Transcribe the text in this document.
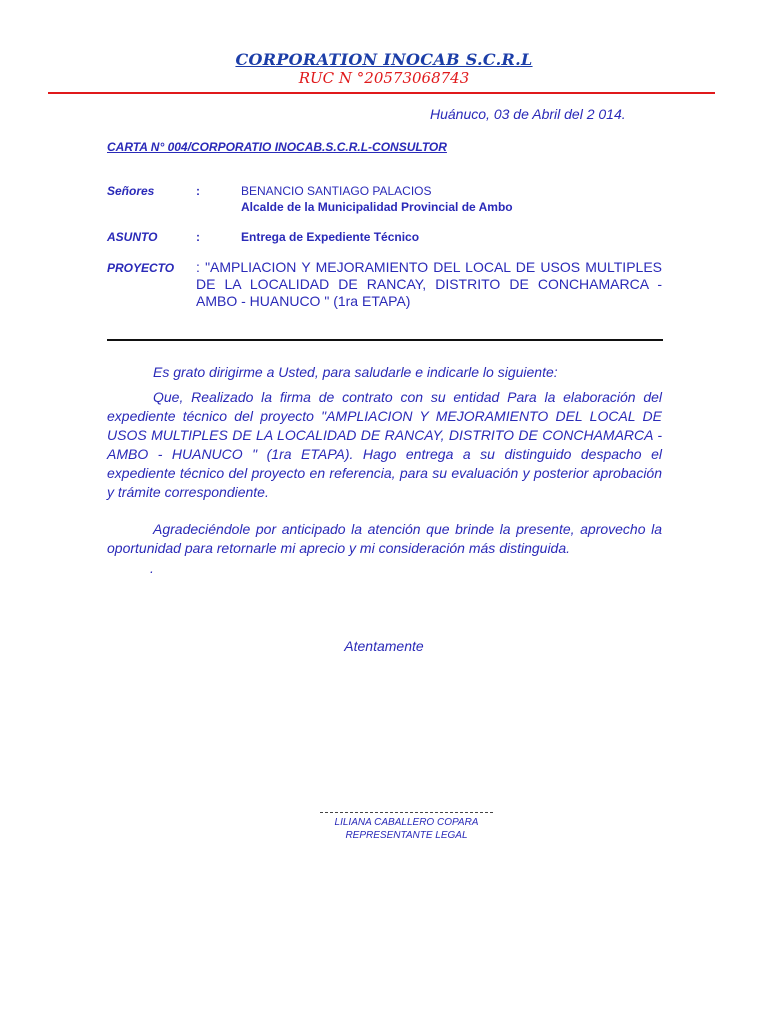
CORPORATION INOCAB S.C.R.L
RUC N °20573068743
Huánuco, 03 de Abril del 2 014.
CARTA N° 004/CORPORATIO INOCAB.S.C.R.L-CONSULTOR
Señores	:	BENANCIO SANTIAGO PALACIOS
Alcalde de la Municipalidad Provincial de Ambo
ASUNTO	:	Entrega de Expediente Técnico
PROYECTO : "AMPLIACION Y MEJORAMIENTO DEL LOCAL DE USOS MULTIPLES DE LA LOCALIDAD DE RANCAY, DISTRITO DE CONCHAMARCA - AMBO - HUANUCO " (1ra ETAPA)
Es grato dirigirme a Usted, para saludarle e indicarle lo siguiente:
Que, Realizado la firma de contrato con su entidad Para la elaboración del expediente técnico del proyecto "AMPLIACION Y MEJORAMIENTO DEL LOCAL DE USOS MULTIPLES DE LA LOCALIDAD DE RANCAY, DISTRITO DE CONCHAMARCA - AMBO - HUANUCO " (1ra ETAPA). Hago entrega a su distinguido despacho el expediente técnico del proyecto en referencia, para su evaluación y posterior aprobación y trámite correspondiente.
Agradeciéndole por anticipado la atención que brinde la presente, aprovecho la oportunidad para retornarle mi aprecio y mi consideración más distinguida.
.
Atentamente
LILIANA CABALLERO COPARA
REPRESENTANTE LEGAL
